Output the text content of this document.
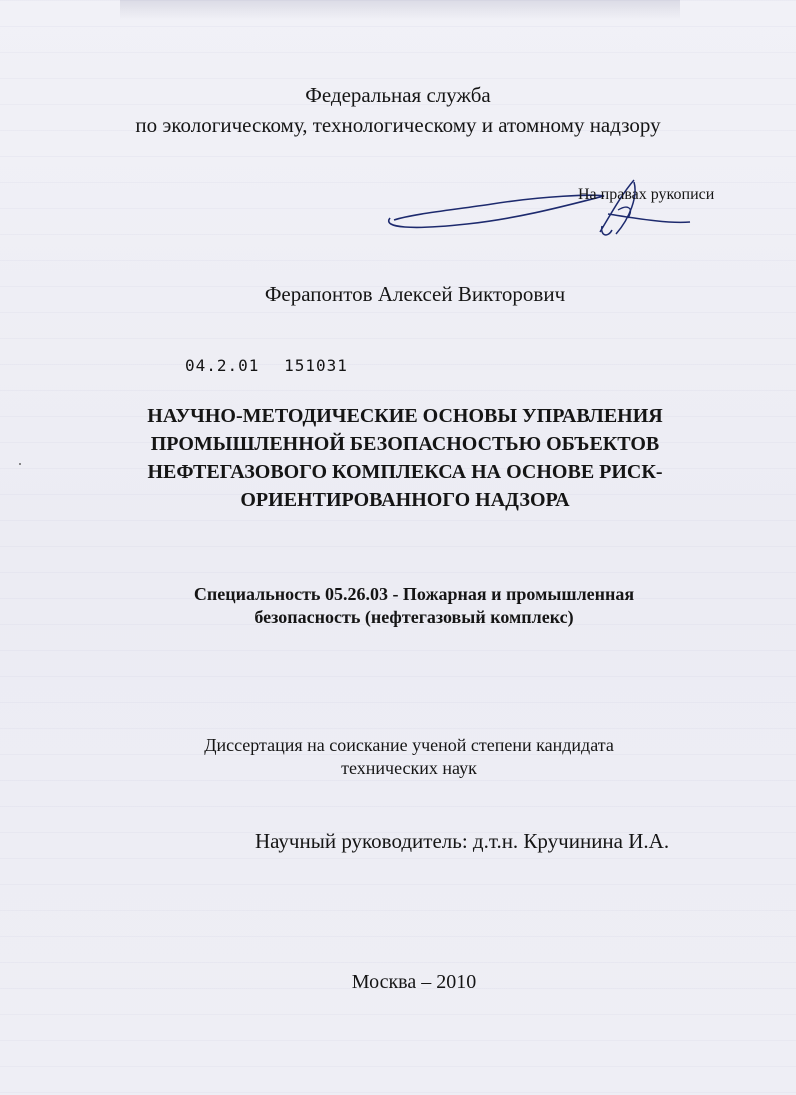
Федеральная служба
по экологическому, технологическому и атомному надзору
На правах рукописи
Ферапонтов Алексей Викторович
04.2.01 151031
НАУЧНО-МЕТОДИЧЕСКИЕ ОСНОВЫ УПРАВЛЕНИЯ
ПРОМЫШЛЕННОЙ БЕЗОПАСНОСТЬЮ ОБЪЕКТОВ
НЕФТЕГАЗОВОГО КОМПЛЕКСА НА ОСНОВЕ РИСК-
ОРИЕНТИРОВАННОГО НАДЗОРА
Специальность 05.26.03 - Пожарная и промышленная
безопасность (нефтегазовый комплекс)
Диссертация на соискание ученой степени кандидата
технических наук
Научный руководитель: д.т.н. Кручинина И.А.
Москва – 2010
